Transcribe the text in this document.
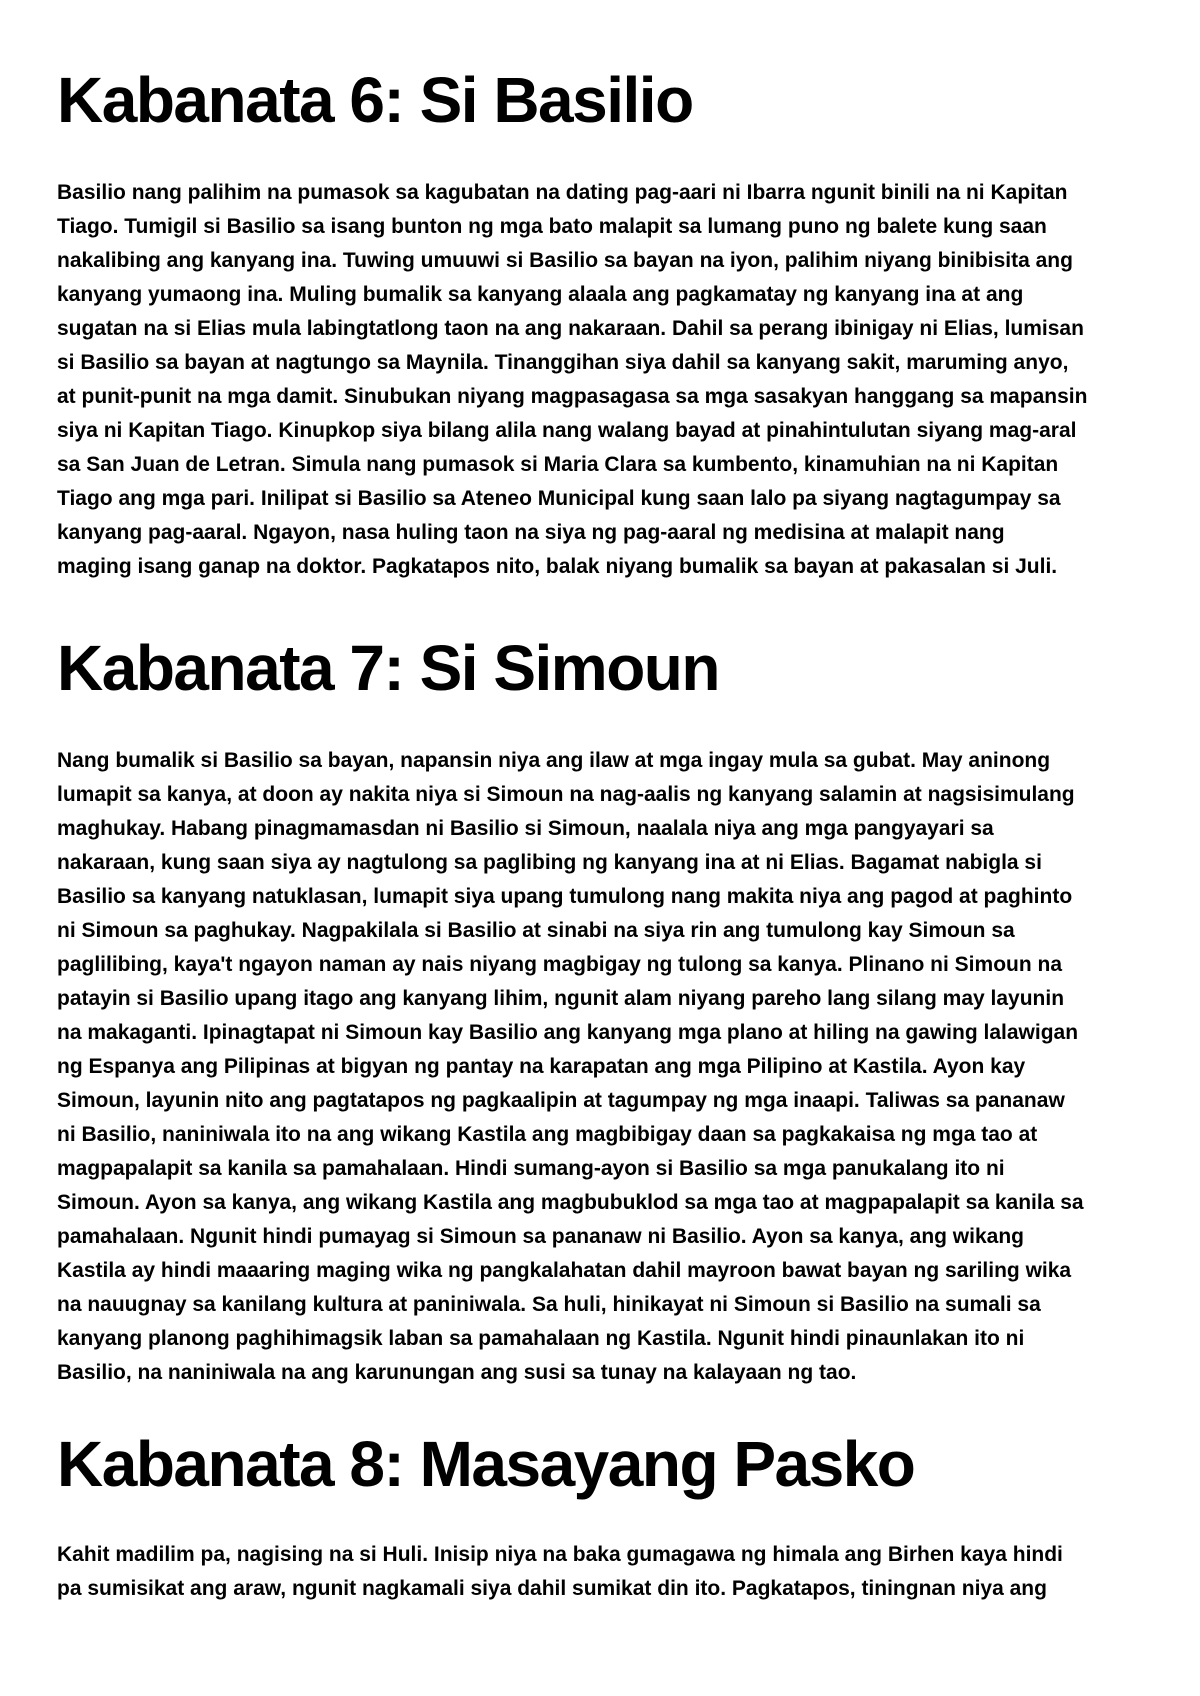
Kabanata 6: Si Basilio
Basilio nang palihim na pumasok sa kagubatan na dating pag-aari ni Ibarra ngunit binili na ni Kapitan
Tiago. Tumigil si Basilio sa isang bunton ng mga bato malapit sa lumang puno ng balete kung saan
nakalibing ang kanyang ina. Tuwing umuuwi si Basilio sa bayan na iyon, palihim niyang binibisita ang
kanyang yumaong ina. Muling bumalik sa kanyang alaala ang pagkamatay ng kanyang ina at ang
sugatan na si Elias mula labingtatlong taon na ang nakaraan. Dahil sa perang ibinigay ni Elias, lumisan
si Basilio sa bayan at nagtungo sa Maynila. Tinanggihan siya dahil sa kanyang sakit, maruming anyo,
at punit-punit na mga damit. Sinubukan niyang magpasagasa sa mga sasakyan hanggang sa mapansin
siya ni Kapitan Tiago. Kinupkop siya bilang alila nang walang bayad at pinahintulutan siyang mag-aral
sa San Juan de Letran. Simula nang pumasok si Maria Clara sa kumbento, kinamuhian na ni Kapitan
Tiago ang mga pari. Inilipat si Basilio sa Ateneo Municipal kung saan lalo pa siyang nagtagumpay sa
kanyang pag-aaral. Ngayon, nasa huling taon na siya ng pag-aaral ng medisina at malapit nang
maging isang ganap na doktor. Pagkatapos nito, balak niyang bumalik sa bayan at pakasalan si Juli.
Kabanata 7: Si Simoun
Nang bumalik si Basilio sa bayan, napansin niya ang ilaw at mga ingay mula sa gubat. May aninong
lumapit sa kanya, at doon ay nakita niya si Simoun na nag-aalis ng kanyang salamin at nagsisimulang
maghukay. Habang pinagmamasdan ni Basilio si Simoun, naalala niya ang mga pangyayari sa
nakaraan, kung saan siya ay nagtulong sa paglibing ng kanyang ina at ni Elias. Bagamat nabigla si
Basilio sa kanyang natuklasan, lumapit siya upang tumulong nang makita niya ang pagod at paghinto
ni Simoun sa paghukay. Nagpakilala si Basilio at sinabi na siya rin ang tumulong kay Simoun sa
paglilibing, kaya't ngayon naman ay nais niyang magbigay ng tulong sa kanya. Plinano ni Simoun na
patayin si Basilio upang itago ang kanyang lihim, ngunit alam niyang pareho lang silang may layunin
na makaganti. Ipinagtapat ni Simoun kay Basilio ang kanyang mga plano at hiling na gawing lalawigan
ng Espanya ang Pilipinas at bigyan ng pantay na karapatan ang mga Pilipino at Kastila. Ayon kay
Simoun, layunin nito ang pagtatapos ng pagkaalipin at tagumpay ng mga inaapi. Taliwas sa pananaw
ni Basilio, naniniwala ito na ang wikang Kastila ang magbibigay daan sa pagkakaisa ng mga tao at
magpapalapit sa kanila sa pamahalaan. Hindi sumang-ayon si Basilio sa mga panukalang ito ni
Simoun. Ayon sa kanya, ang wikang Kastila ang magbubuklod sa mga tao at magpapalapit sa kanila sa
pamahalaan. Ngunit hindi pumayag si Simoun sa pananaw ni Basilio. Ayon sa kanya, ang wikang
Kastila ay hindi maaaring maging wika ng pangkalahatan dahil mayroon bawat bayan ng sariling wika
na nauugnay sa kanilang kultura at paniniwala. Sa huli, hinikayat ni Simoun si Basilio na sumali sa
kanyang planong paghihimagsik laban sa pamahalaan ng Kastila. Ngunit hindi pinaunlakan ito ni
Basilio, na naniniwala na ang karunungan ang susi sa tunay na kalayaan ng tao.
Kabanata 8: Masayang Pasko
Kahit madilim pa, nagising na si Huli. Inisip niya na baka gumagawa ng himala ang Birhen kaya hindi
pa sumisikat ang araw, ngunit nagkamali siya dahil sumikat din ito. Pagkatapos, tiningnan niya ang
